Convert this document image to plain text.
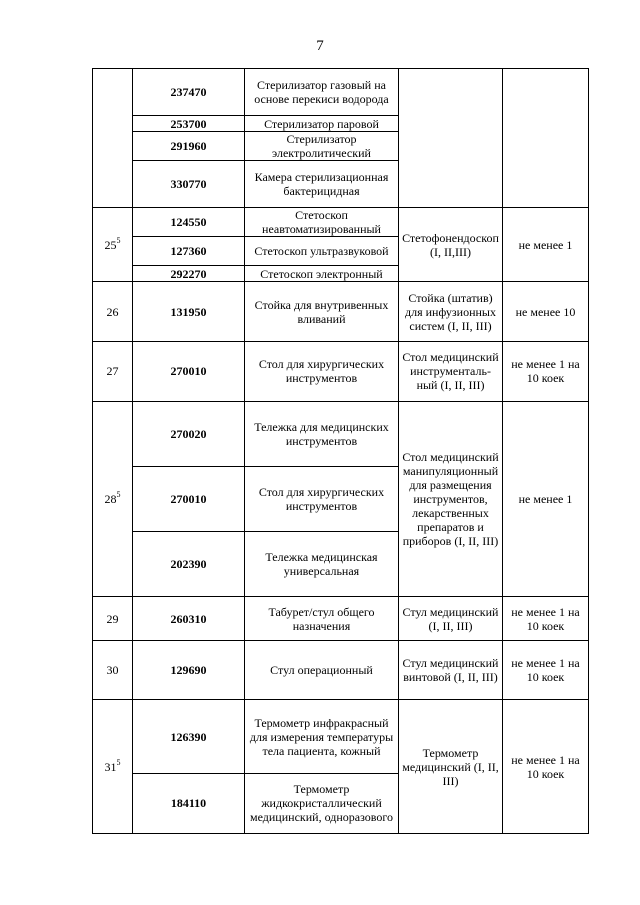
7
	237470	Стерилизатор газовый на основе перекиси водорода		
	253700	Стерилизатор паровой		
	291960	Стерилизатор электролитический		
	330770	Камера стерилизационная бактерицидная		
$25^5$	124550	Стетоскоп неавтоматизированный	Стетофонендоскоп (I, II,III)	не менее 1
	127360	Стетоскоп ультразвуковой		
	292270	Стетоскоп электронный		
26	131950	Стойка для внутривенных вливаний	Стойка (штатив) для инфузионных систем (I, II, III)	не менее 10
27	270010	Стол для хирургических инструментов	Стол медицинский инструментальный (I, II, III)	не менее 1 на 10 коек
$28^5$	270020	Тележка для медицинских инструментов	Стол медицинский манипуляционный для размещения инструментов, лекарственных препаратов и приборов (I, II, III)	не менее 1
	270010	Стол для хирургических инструментов		
	202390	Тележка медицинская универсальная		
29	260310	Табурет/стул общего назначения	Стул медицинский (I, II, III)	не менее 1 на 10 коек
30	129690	Стул операционный	Стул медицинский винтовой (I, II, III)	не менее 1 на 10 коек
$31^5$	126390	Термометр инфракрасный для измерения температуры тела пациента, кожный	Термометр медицинский (I, II, III)	не менее 1 на 10 коек
	184110	Термометр жидкокристаллический медицинский, одноразового		
